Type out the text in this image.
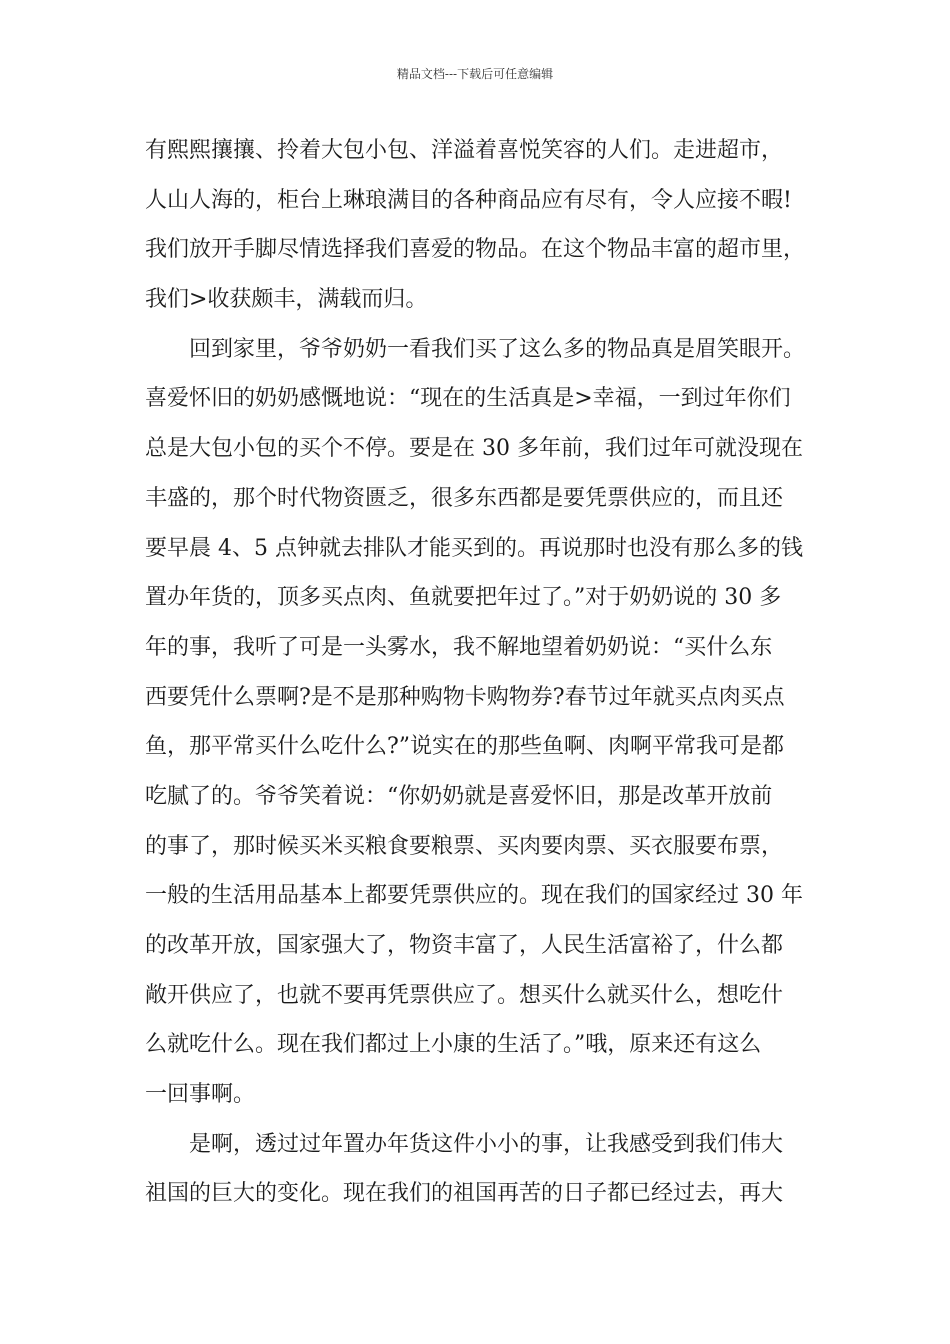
精品文档---下载后可任意编辑
有熙熙攘攘、拎着大包小包、洋溢着喜悦笑容的人们。走进超市，
人山人海的，柜台上琳琅满目的各种商品应有尽有，令人应接不暇!
我们放开手脚尽情选择我们喜爱的物品。在这个物品丰富的超市里，
我们>收获颇丰，满载而归。
　　回到家里，爷爷奶奶一看我们买了这么多的物品真是眉笑眼开。
喜爱怀旧的奶奶感慨地说：“现在的生活真是>幸福，一到过年你们
总是大包小包的买个不停。要是在 30 多年前，我们过年可就没现在
丰盛的，那个时代物资匮乏，很多东西都是要凭票供应的，而且还
要早晨 4、5 点钟就去排队才能买到的。再说那时也没有那么多的钱
置办年货的，顶多买点肉、鱼就要把年过了。”对于奶奶说的 30 多
年的事，我听了可是一头雾水，我不解地望着奶奶说：“买什么东
西要凭什么票啊?是不是那种购物卡购物券?春节过年就买点肉买点
鱼，那平常买什么吃什么?”说实在的那些鱼啊、肉啊平常我可是都
吃腻了的。爷爷笑着说：“你奶奶就是喜爱怀旧，那是改革开放前
的事了，那时候买米买粮食要粮票、买肉要肉票、买衣服要布票，
一般的生活用品基本上都要凭票供应的。现在我们的国家经过 30 年
的改革开放，国家强大了，物资丰富了，人民生活富裕了，什么都
敞开供应了，也就不要再凭票供应了。想买什么就买什么，想吃什
么就吃什么。现在我们都过上小康的生活了。”哦，原来还有这么
一回事啊。
　　是啊，透过过年置办年货这件小小的事，让我感受到我们伟大
祖国的巨大的变化。现在我们的祖国再苦的日子都已经过去，再大
